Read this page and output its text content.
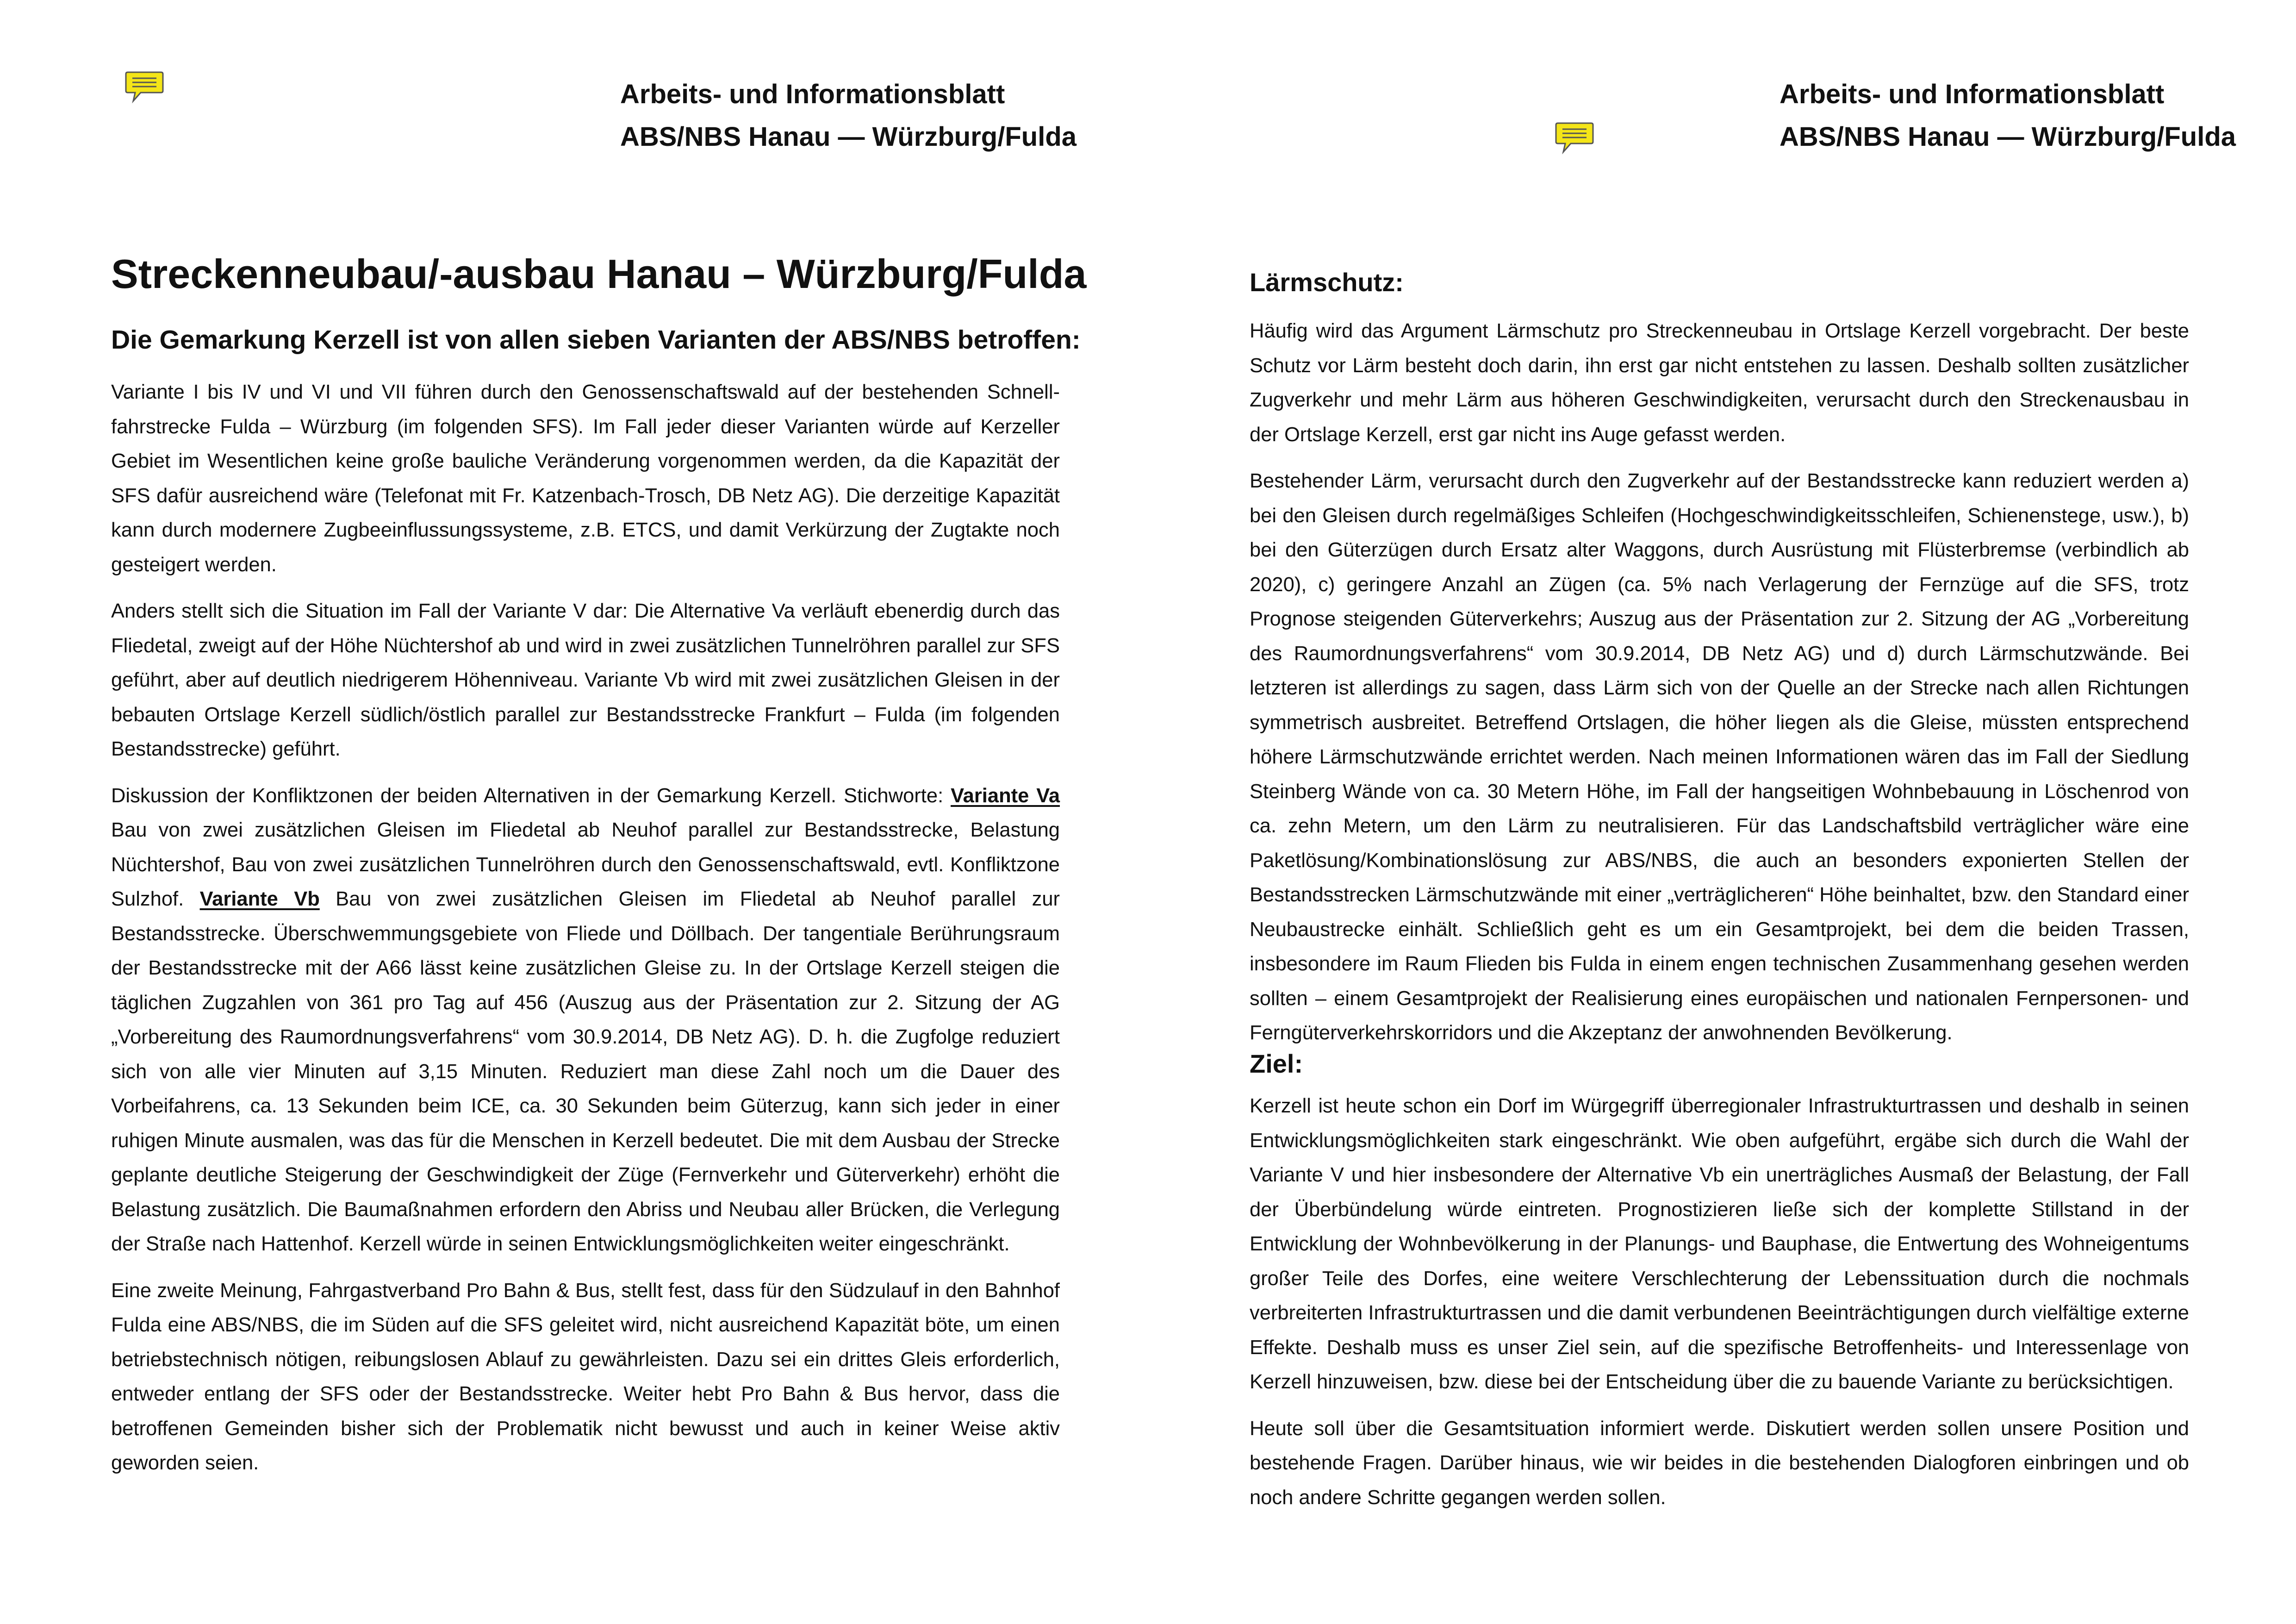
Arbeits- und Informationsblatt
ABS/NBS Hanau — Würzburg/Fulda
Streckenneubau/-ausbau Hanau – Würzburg/Fulda
Die Gemarkung Kerzell ist von allen sieben Varianten der ABS/NBS betroffen:

Variante I bis IV und VI und VII führen durch den Genossenschaftswald auf der bestehenden Schnellfahrstrecke Fulda – Würzburg (im folgenden SFS). Im Fall jeder dieser Varianten würde auf Kerzeller Gebiet im Wesentlichen keine große bauliche Veränderung vorgenommen werden, da die Kapazität der SFS dafür ausreichend wäre (Telefonat mit Fr. Katzenbach-Trosch, DB Netz AG). Die derzeitige Kapazität kann durch modernere Zugbeeinflussungssysteme, z.B. ETCS, und damit Verkürzung der Zugtakte noch gesteigert werden.

Anders stellt sich die Situation im Fall der Variante V dar: Die Alternative Va verläuft ebenerdig durch das Fliedetal, zweigt auf der Höhe Nüchtershof ab und wird in zwei zusätzlichen Tunnelröhren parallel zur SFS geführt, aber auf deutlich niedrigerem Höhenniveau. Variante Vb wird mit zwei zusätzlichen Gleisen in der bebauten Ortslage Kerzell südlich/östlich parallel zur Bestandsstrecke Frankfurt – Fulda (im folgenden Bestandsstrecke) geführt.

Diskussion der Konfliktzonen der beiden Alternativen in der Gemarkung Kerzell. Stichworte: Variante Va Bau von zwei zusätzlichen Gleisen im Fliedetal ab Neuhof parallel zur Bestandsstrecke, Belastung Nüchtershof, Bau von zwei zusätzlichen Tunnelröhren durch den Genossenschaftswald, evtl. Konfliktzone Sulzhof. Variante Vb Bau von zwei zusätzlichen Gleisen im Fliedetal ab Neuhof parallel zur Bestandsstrecke. Überschwemmungsgebiete von Fliede und Döllbach. Der tangentiale Berührungsraum der Bestandsstrecke mit der A66 lässt keine zusätzlichen Gleise zu. In der Ortslage Kerzell steigen die täglichen Zugzahlen von 361 pro Tag auf 456 (Auszug aus der Präsentation zur 2. Sitzung der AG „Vorbereitung des Raumordnungsverfahrens“ vom 30.9.2014, DB Netz AG). D. h. die Zugfolge reduziert sich von alle vier Minuten auf 3,15 Minuten. Reduziert man diese Zahl noch um die Dauer des Vorbeifahrens, ca. 13 Sekunden beim ICE, ca. 30 Sekunden beim Güterzug, kann sich jeder in einer ruhigen Minute ausmalen, was das für die Menschen in Kerzell bedeutet. Die mit dem Ausbau der Strecke geplante deutliche Steigerung der Geschwindigkeit der Züge (Fernverkehr und Güterverkehr) erhöht die Belastung zusätzlich. Die Baumaßnahmen erfordern den Abriss und Neubau aller Brücken, die Verlegung der Straße nach Hattenhof. Kerzell würde in seinen Entwicklungsmöglichkeiten weiter eingeschränkt.

Eine zweite Meinung, Fahrgastverband Pro Bahn & Bus, stellt fest, dass für den Südzulauf in den Bahnhof Fulda eine ABS/NBS, die im Süden auf die SFS geleitet wird, nicht ausreichend Kapazität böte, um einen betriebstechnisch nötigen, reibungslosen Ablauf zu gewährleisten. Dazu sei ein drittes Gleis erforderlich, entweder entlang der SFS oder der Bestandsstrecke. Weiter hebt Pro Bahn & Bus hervor, dass die betroffenen Gemeinden bisher sich der Problematik nicht bewusst und auch in keiner Weise aktiv geworden seien.

Arbeits- und Informationsblatt
ABS/NBS Hanau — Würzburg/Fulda
Lärmschutz:

Häufig wird das Argument Lärmschutz pro Streckenneubau in Ortslage Kerzell vorgebracht. Der beste Schutz vor Lärm besteht doch darin, ihn erst gar nicht entstehen zu lassen. Deshalb sollten zusätzlicher Zugverkehr und mehr Lärm aus höheren Geschwindigkeiten, verursacht durch den Streckenausbau in der Ortslage Kerzell, erst gar nicht ins Auge gefasst werden.

Bestehender Lärm, verursacht durch den Zugverkehr auf der Bestandsstrecke kann reduziert werden a) bei den Gleisen durch regelmäßiges Schleifen (Hochgeschwindigkeitsschleifen, Schienenstege, usw.), b) bei den Güterzügen durch Ersatz alter Waggons, durch Ausrüstung mit Flüsterbremse (verbindlich ab 2020), c) geringere Anzahl an Zügen (ca. 5% nach Verlagerung der Fernzüge auf die SFS, trotz Prognose steigenden Güterverkehrs; Auszug aus der Präsentation zur 2. Sitzung der AG „Vorbereitung des Raumordnungsverfahrens“ vom 30.9.2014, DB Netz AG) und d) durch Lärmschutzwände. Bei letzteren ist allerdings zu sagen, dass Lärm sich von der Quelle an der Strecke nach allen Richtungen symmetrisch ausbreitet. Betreffend Ortslagen, die höher liegen als die Gleise, müssten entsprechend höhere Lärmschutzwände errichtet werden. Nach meinen Informationen wären das im Fall der Siedlung Steinberg Wände von ca. 30 Metern Höhe, im Fall der hangseitigen Wohnbebauung in Löschenrod von ca. zehn Metern, um den Lärm zu neutralisieren. Für das Landschaftsbild verträglicher wäre eine Paketlösung/Kombinationslösung zur ABS/NBS, die auch an besonders exponierten Stellen der Bestandsstrecken Lärmschutzwände mit einer „verträglicheren“ Höhe beinhaltet, bzw. den Standard einer Neubaustrecke einhält. Schließlich geht es um ein Gesamtprojekt, bei dem die beiden Trassen, insbesondere im Raum Flieden bis Fulda in einem engen technischen Zusammenhang gesehen werden sollten – einem Gesamtprojekt der Realisierung eines europäischen und nationalen Fernpersonen- und Ferngüterverkehrskorridors und die Akzeptanz der anwohnenden Bevölkerung.

Ziel:

Kerzell ist heute schon ein Dorf im Würgegriff überregionaler Infrastrukturtrassen und deshalb in seinen Entwicklungsmöglichkeiten stark eingeschränkt. Wie oben aufgeführt, ergäbe sich durch die Wahl der Variante V und hier insbesondere der Alternative Vb ein unerträgliches Ausmaß der Belastung, der Fall der Überbündelung würde eintreten. Prognostizieren ließe sich der komplette Stillstand in der Entwicklung der Wohnbevölkerung in der Planungs- und Bauphase, die Entwertung des Wohneigentums großer Teile des Dorfes, eine weitere Verschlechterung der Lebenssituation durch die nochmals verbreiterten Infrastrukturtrassen und die damit verbundenen Beeinträchtigungen durch vielfältige externe Effekte. Deshalb muss es unser Ziel sein, auf die spezifische Betroffenheits- und Interessenlage von Kerzell hinzuweisen, bzw. diese bei der Entscheidung über die zu bauende Variante zu berücksichtigen.

Heute soll über die Gesamtsituation informiert werde. Diskutiert werden sollen unsere Position und bestehende Fragen. Darüber hinaus, wie wir beides in die bestehenden Dialogforen einbringen und ob noch andere Schritte gegangen werden sollen.
